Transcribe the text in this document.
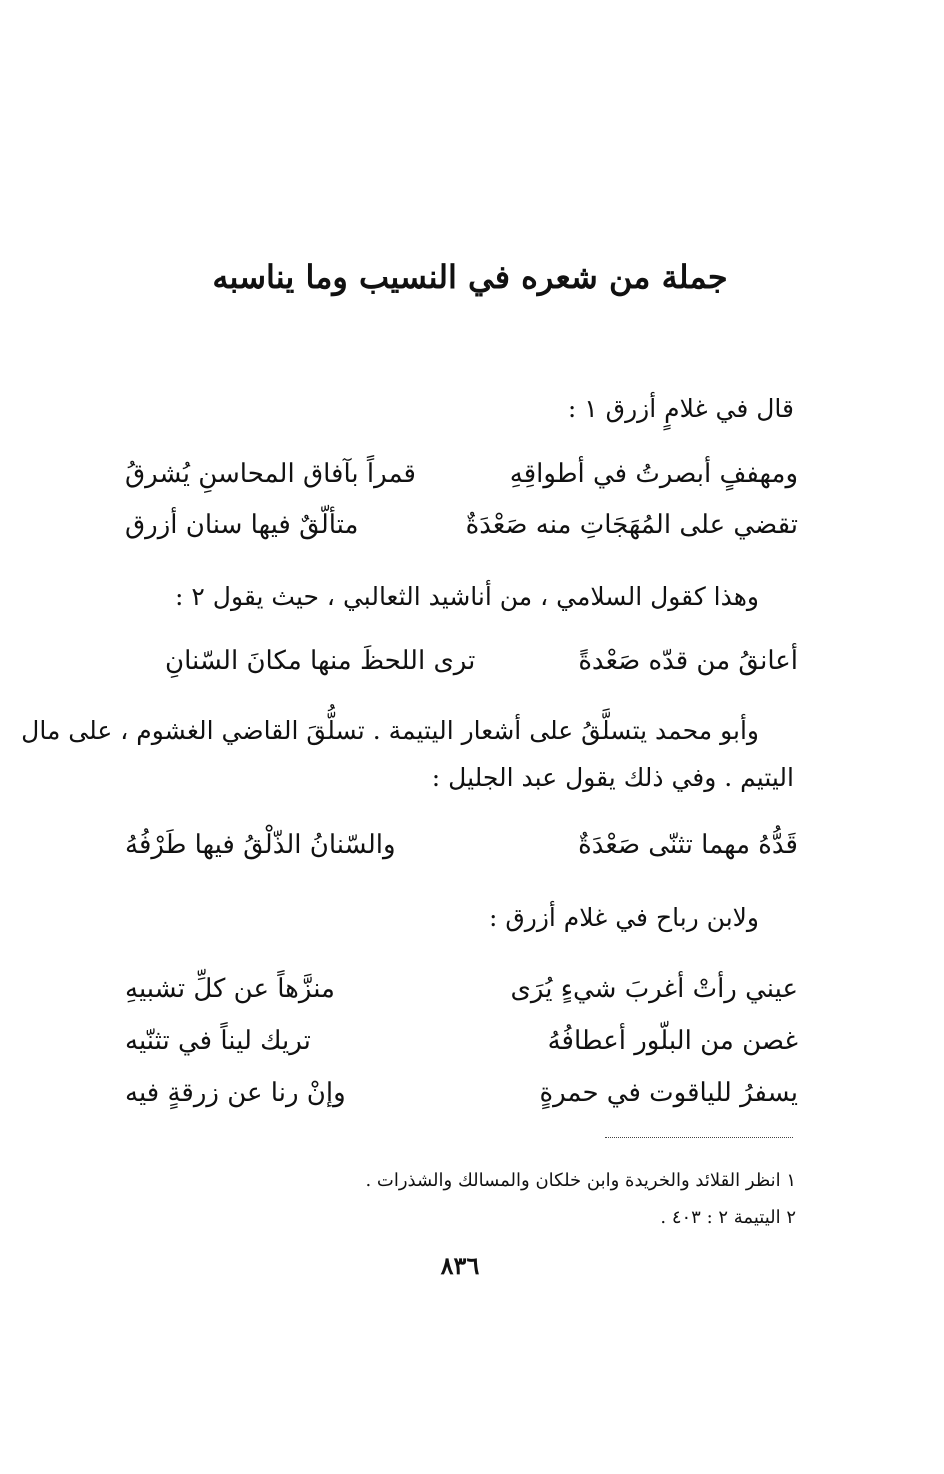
جملة من شعره في النسيب وما يناسبه
قال في غلامٍ أزرق ١ :
ومهففٍ أبصرتُ في أطواقِهِ
قمراً بآفاق المحاسنِ يُشرقُ
تقضي على المُهَجَاتِ منه صَعْدَةٌ
متألّقٌ فيها سنان أزرق
وهذا كقول السلامي ، من أناشيد الثعالبي ، حيث يقول ٢ :
أعانقُ من قدّه صَعْدةً
ترى اللحظَ منها مكانَ السّنانِ
وأبو محمد يتسلَّقُ على أشعار اليتيمة . تسلُّقَ القاضي الغشوم ، على مال
اليتيم . وفي ذلك يقول عبد الجليل :
قَدُّهُ مهما تثنّى صَعْدَةٌ
والسّنانُ الذّلْقُ فيها طَرْفُهُ
ولابن رباح في غلام أزرق :
عيني رأتْ أغربَ شيءٍ يُرَى
منزَّهاً عن كلِّ تشبيهِ
غصن من البلّور أعطافُهُ
تريك ليناً في تثنّيه
يسفرُ للياقوت في حمرةٍ
وإنْ رنا عن زرقةٍ فيه
١ انظر القلائد والخريدة وابن خلكان والمسالك والشذرات .
٢ اليتيمة ٢ : ٤٠٣ .
٨٣٦
